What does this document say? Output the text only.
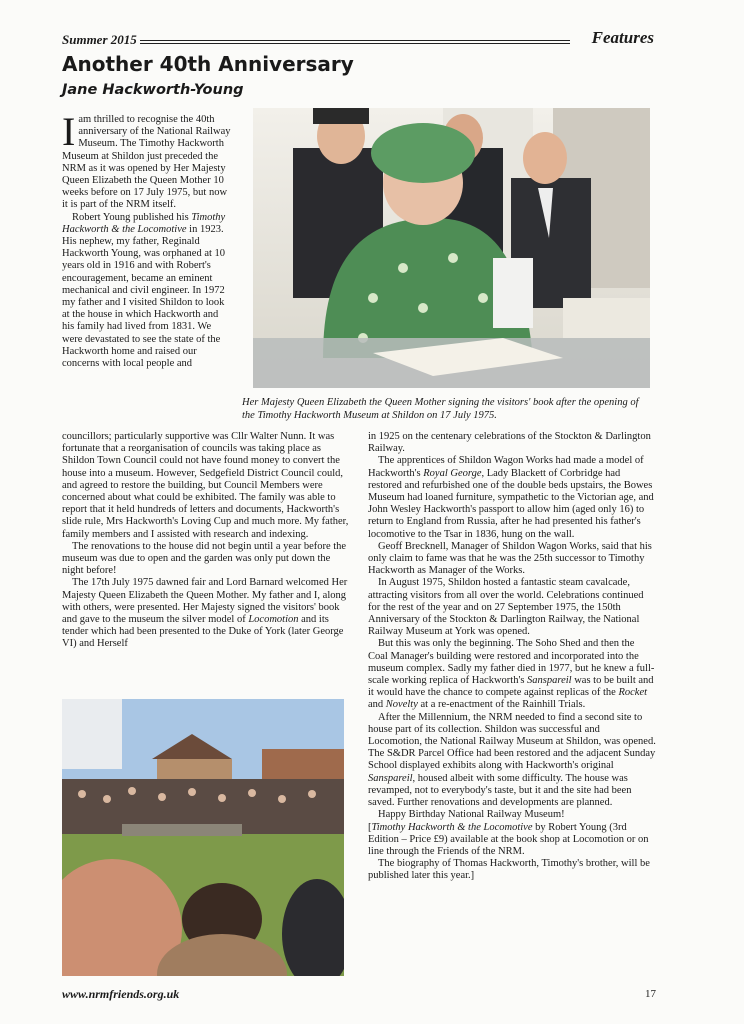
Summer 2015	Features
Another 40th Anniversary
Jane Hackworth-Young

Iam thrilled to recognise the 40th anniversary of the National Railway Museum. The Timothy Hackworth Museum at Shildon just preceded the NRM as it was opened by Her Majesty Queen Elizabeth the Queen Mother 10 weeks before on 17 July 1975, but now it is part of the NRM itself.

Robert Young published his Timothy Hackworth & the Locomotive in 1923. His nephew, my father, Reginald Hackworth Young, was orphaned at 10 years old in 1916 and with Robert's encouragement, became an eminent mechanical and civil engineer. In 1972 my father and I visited Shildon to look at the house in which Hackworth and his family had lived from 1831. We were devastated to see the state of the Hackworth home and raised our concerns with local people and

Her Majesty Queen Elizabeth the Queen Mother signing the visitors' book after the opening of the Timothy Hackworth Museum at Shildon on 17 July 1975.

councillors; particularly supportive was Cllr Walter Nunn. It was fortunate that a reorganisation of councils was taking place as Shildon Town Council could not have found money to convert the house into a museum. However, Sedgefield District Council could, and agreed to restore the building, but Council Members were concerned about what could be exhibited. The family was able to report that it held hundreds of letters and documents, Hackworth's slide rule, Mrs Hackworth's Loving Cup and much more. My father, family members and I assisted with research and indexing.

The renovations to the house did not begin until a year before the museum was due to open and the garden was only put down the night before!

The 17th July 1975 dawned fair and Lord Barnard welcomed Her Majesty Queen Elizabeth the Queen Mother. My father and I, along with others, were presented. Her Majesty signed the visitors' book and gave to the museum the silver model of Locomotion and its tender which had been presented to the Duke of York (later George VI) and Herself

in 1925 on the centenary celebrations of the Stockton & Darlington Railway.

The apprentices of Shildon Wagon Works had made a model of Hackworth's Royal George, Lady Blackett of Corbridge had restored and refurbished one of the double beds upstairs, the Bowes Museum had loaned furniture, sympathetic to the Victorian age, and John Wesley Hackworth's passport to allow him (aged only 16) to return to England from Russia, after he had presented his father's locomotive to the Tsar in 1836, hung on the wall.

Geoff Brecknell, Manager of Shildon Wagon Works, said that his only claim to fame was that he was the 25th successor to Timothy Hackworth as Manager of the Works.

In August 1975, Shildon hosted a fantastic steam cavalcade, attracting visitors from all over the world. Celebrations continued for the rest of the year and on 27 September 1975, the 150th Anniversary of the Stockton & Darlington Railway, the National Railway Museum at York was opened.

But this was only the beginning. The Soho Shed and then the Coal Manager's building were restored and incorporated into the museum complex. Sadly my father died in 1977, but he knew a full-scale working replica of Hackworth's Sanspareil was to be built and it would have the chance to compete against replicas of the Rocket and Novelty at a re-enactment of the Rainhill Trials.

After the Millennium, the NRM needed to find a second site to house part of its collection. Shildon was successful and Locomotion, the National Railway Museum at Shildon, was opened. The S&DR Parcel Office had been restored and the adjacent Sunday School displayed exhibits along with Hackworth's original Sanspareil, housed albeit with some difficulty. The house was revamped, not to everybody's taste, but it and the site had been saved. Further renovations and developments are planned.

Happy Birthday National Railway Museum!

[Timothy Hackworth & the Locomotive by Robert Young (3rd Edition – Price £9) available at the book shop at Locomotion or on line through the Friends of the NRM.

The biography of Thomas Hackworth, Timothy's brother, will be published later this year.]

www.nrmfriends.org.uk	17
